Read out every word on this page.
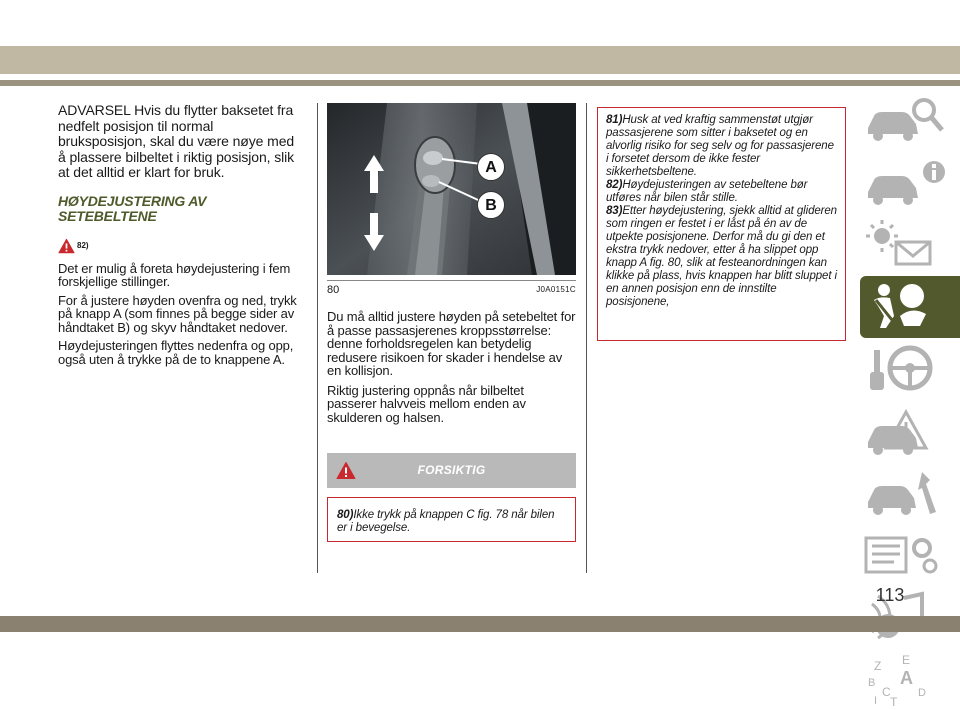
ADVARSEL Hvis du flytter baksetet fra nedfelt posisjon til normal bruksposisjon, skal du være nøye med å plassere bilbeltet i riktig posisjon, slik at det alltid er klart for bruk.

HØYDEJUSTERING AV SETEBELTENE
82)

Det er mulig å foreta høydejustering i fem forskjellige stillinger.

For å justere høyden ovenfra og ned, trykk på knapp A (som finnes på begge sider av håndtaket B) og skyv håndtaket nedover.

Høydejusteringen flyttes nedenfra og opp, også uten å trykke på de to knappene A.

A
B
80	J0A0151C

Du må alltid justere høyden på setebeltet for å passe passasjerenes kroppsstørrelse: denne forholdsregelen kan betydelig redusere risikoen for skader i hendelse av en kollisjon.

Riktig justering oppnås når bilbeltet passerer halvveis mellom enden av skulderen og halsen.

FORSIKTIG

80)Ikke trykk på knappen C fig. 78 når bilen er i bevegelse.

81)Husk at ved kraftig sammenstøt utgjør passasjerene som sitter i baksetet og en alvorlig risiko for seg selv og for passasjerene i forsetet dersom de ikke fester sikkerhetsbeltene.

82)Høydejusteringen av setebeltene bør utføres når bilen står stille.

83)Etter høydejustering, sjekk alltid at glideren som ringen er festet i er låst på én av de utpekte posisjonene. Derfor må du gi den et ekstra trykk nedover, etter å ha slippet opp knapp A fig. 80, slik at festeanordningen kan klikke på plass, hvis knappen har blitt sluppet i en annen posisjon enn de innstilte posisjonene,

Z E
B A
C D
I T
113
